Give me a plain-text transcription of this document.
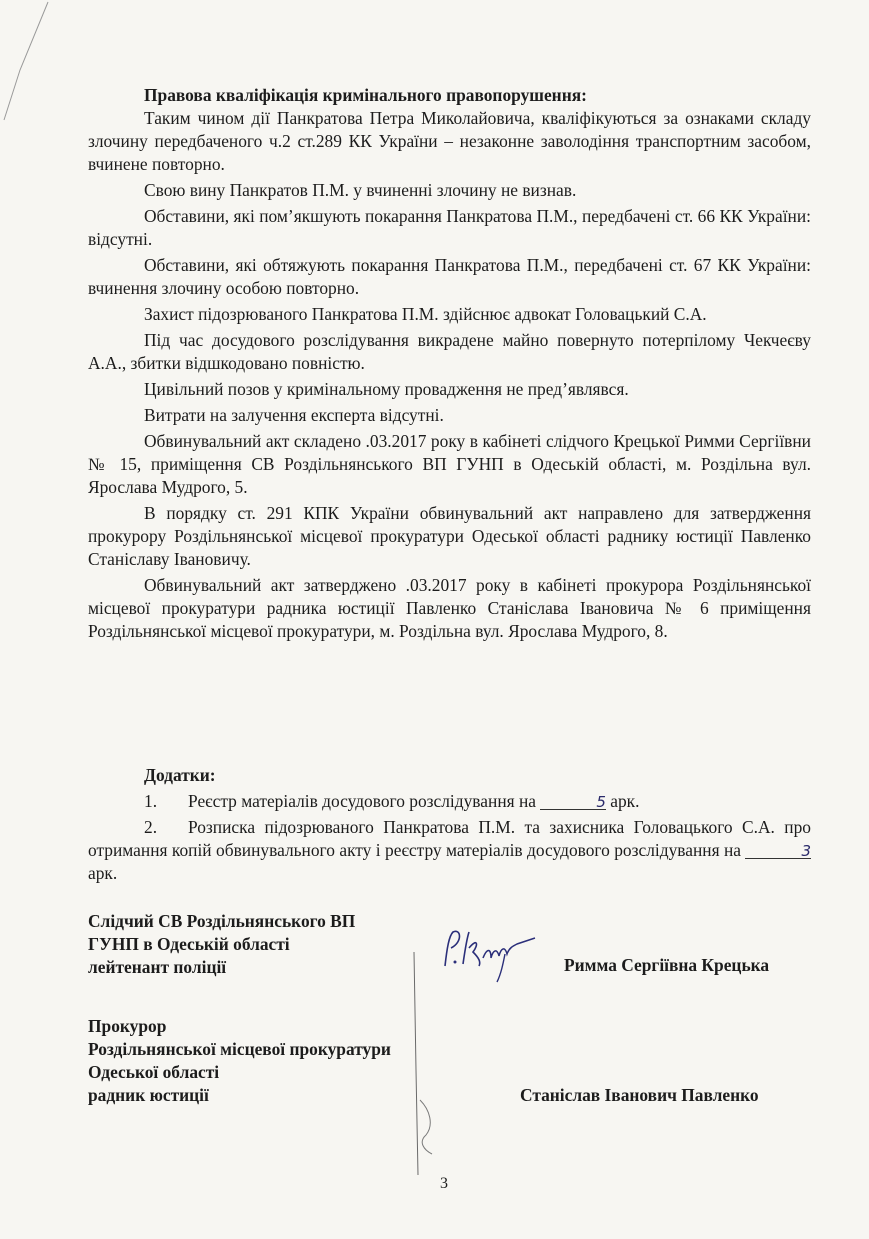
Правова кваліфікація кримінального правопорушення:

Таким чином дії Панкратова Петра Миколайовича, кваліфікуються за ознаками складу злочину передбаченого ч.2 ст.289 КК України – незаконне заволодіння транспортним засобом, вчинене повторно.

Свою вину Панкратов П.М. у вчиненні злочину не визнав.

Обставини, які пом’якшують покарання Панкратова П.М., передбачені ст. 66 КК України: відсутні.

Обставини, які обтяжують покарання Панкратова П.М., передбачені ст. 67 КК України: вчинення злочину особою повторно.

Захист підозрюваного Панкратова П.М. здійснює адвокат Головацький С.А.

Під час досудового розслідування викрадене майно повернуто потерпілому Чекчеєву А.А., збитки відшкодовано повністю.

Цивільний позов у кримінальному провадження не пред’являвся.

Витрати на залучення експерта відсутні.

Обвинувальний акт складено .03.2017 року в кабінеті слідчого Крецької Римми Сергіївни № 15, приміщення СВ Роздільнянського ВП ГУНП в Одеській області, м. Роздільна вул. Ярослава Мудрого, 5.

В порядку ст. 291 КПК України обвинувальний акт направлено для затвердження прокурору Роздільнянської місцевої прокуратури Одеської області раднику юстиції Павленко Станіславу Івановичу.

Обвинувальний акт затверджено .03.2017 року в кабінеті прокурора Роздільнянської місцевої прокуратури радника юстиції Павленко Станіслава Івановича № 6 приміщення Роздільнянської місцевої прокуратури, м. Роздільна вул. Ярослава Мудрого, 8.

Додатки:

1. Реєстр матеріалів досудового розслідування на	5 арк.

2. Розписка підозрюваного Панкратова П.М. та захисника Головацького С.А. про отримання копій обвинувального акту і реєстру матеріалів досудового розслідування на	3 арк.

Слідчий СВ Роздільнянського ВП
ГУНП в Одеській області
лейтенант поліції	Римма Сергіївна Крецька
Прокурор
Роздільнянської місцевої прокуратури
Одеської області
радник юстиції	Станіслав Іванович Павленко
3
